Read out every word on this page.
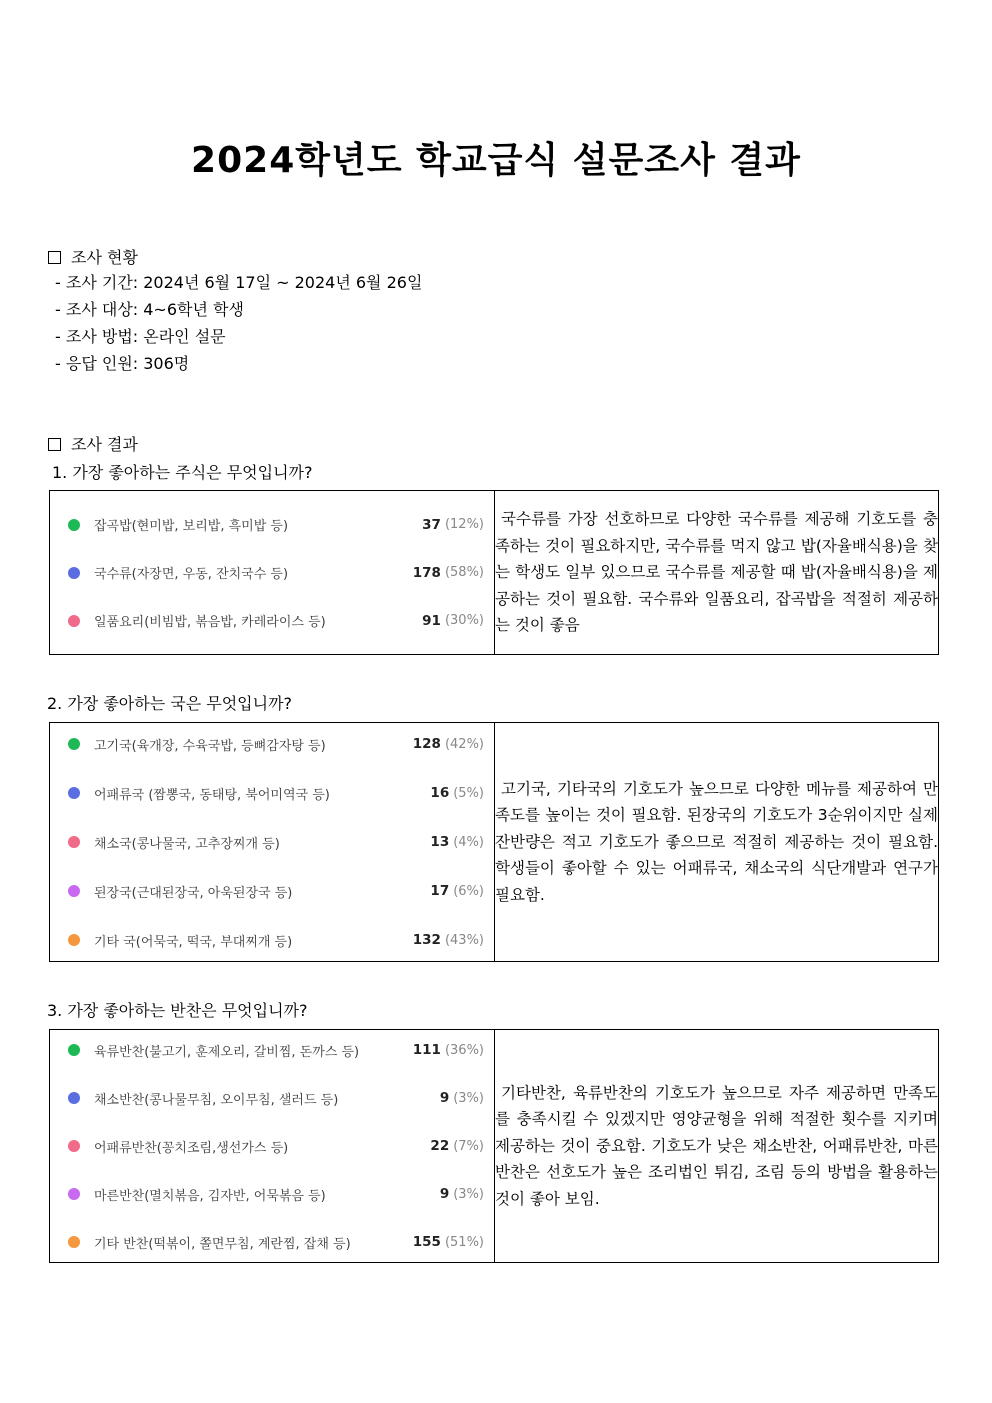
2024학년도 학교급식 설문조사 결과
조사 현황
- 조사 기간: 2024년 6월 17일 ~ 2024년 6월 26일
- 조사 대상: 4~6학년 학생
- 조사 방법: 온라인 설문
- 응답 인원: 306명
조사 결과
1. 가장 좋아하는 주식은 무엇입니까?
잡곡밥(현미밥, 보리밥, 흑미밥 등)	37 (12%)
국수류(자장면, 우동, 잔치국수 등)	178 (58%)
일품요리(비빔밥, 볶음밥, 카레라이스 등)	91 (30%)
	국수류를 가장 선호하므로 다양한 국수류를 제공해 기호도를 충족하는 것이 필요하지만, 국수류를 먹지 않고 밥(자율배식용)을 찾는 학생도 일부 있으므로 국수류를 제공할 때 밥(자율배식용)을 제공하는 것이 필요함. 국수류와 일품요리, 잡곡밥을 적절히 제공하는 것이 좋음
2. 가장 좋아하는 국은 무엇입니까?
고기국(육개장, 수육국밥, 등뼈감자탕 등)	128 (42%)
어패류국 (짬뽕국, 동태탕, 북어미역국 등)	16 (5%)
채소국(콩나물국, 고추장찌개 등)	13 (4%)
된장국(근대된장국, 아욱된장국 등)	17 (6%)
기타 국(어묵국, 떡국, 부대찌개 등)	132 (43%)
	고기국, 기타국의 기호도가 높으므로 다양한 메뉴를 제공하여 만족도를 높이는 것이 필요함. 된장국의 기호도가 3순위이지만 실제 잔반량은 적고 기호도가 좋으므로 적절히 제공하는 것이 필요함. 학생들이 좋아할 수 있는 어패류국, 채소국의 식단개발과 연구가 필요함.
3. 가장 좋아하는 반찬은 무엇입니까?
육류반찬(불고기, 훈제오리, 갈비찜, 돈까스 등)	111 (36%)
채소반찬(콩나물무침, 오이무침, 샐러드 등)	9 (3%)
어패류반찬(꽁치조림,생선가스 등)	22 (7%)
마른반찬(멸치볶음, 김자반, 어묵볶음 등)	9 (3%)
기타 반찬(떡볶이, 쫄면무침, 계란찜, 잡채 등)	155 (51%)
	기타반찬, 육류반찬의 기호도가 높으므로 자주 제공하면 만족도를 충족시킬 수 있겠지만 영양균형을 위해 적절한 횟수를 지키며 제공하는 것이 중요함. 기호도가 낮은 채소반찬, 어패류반찬, 마른반찬은 선호도가 높은 조리법인 튀김, 조림 등의 방법을 활용하는 것이 좋아 보임.
